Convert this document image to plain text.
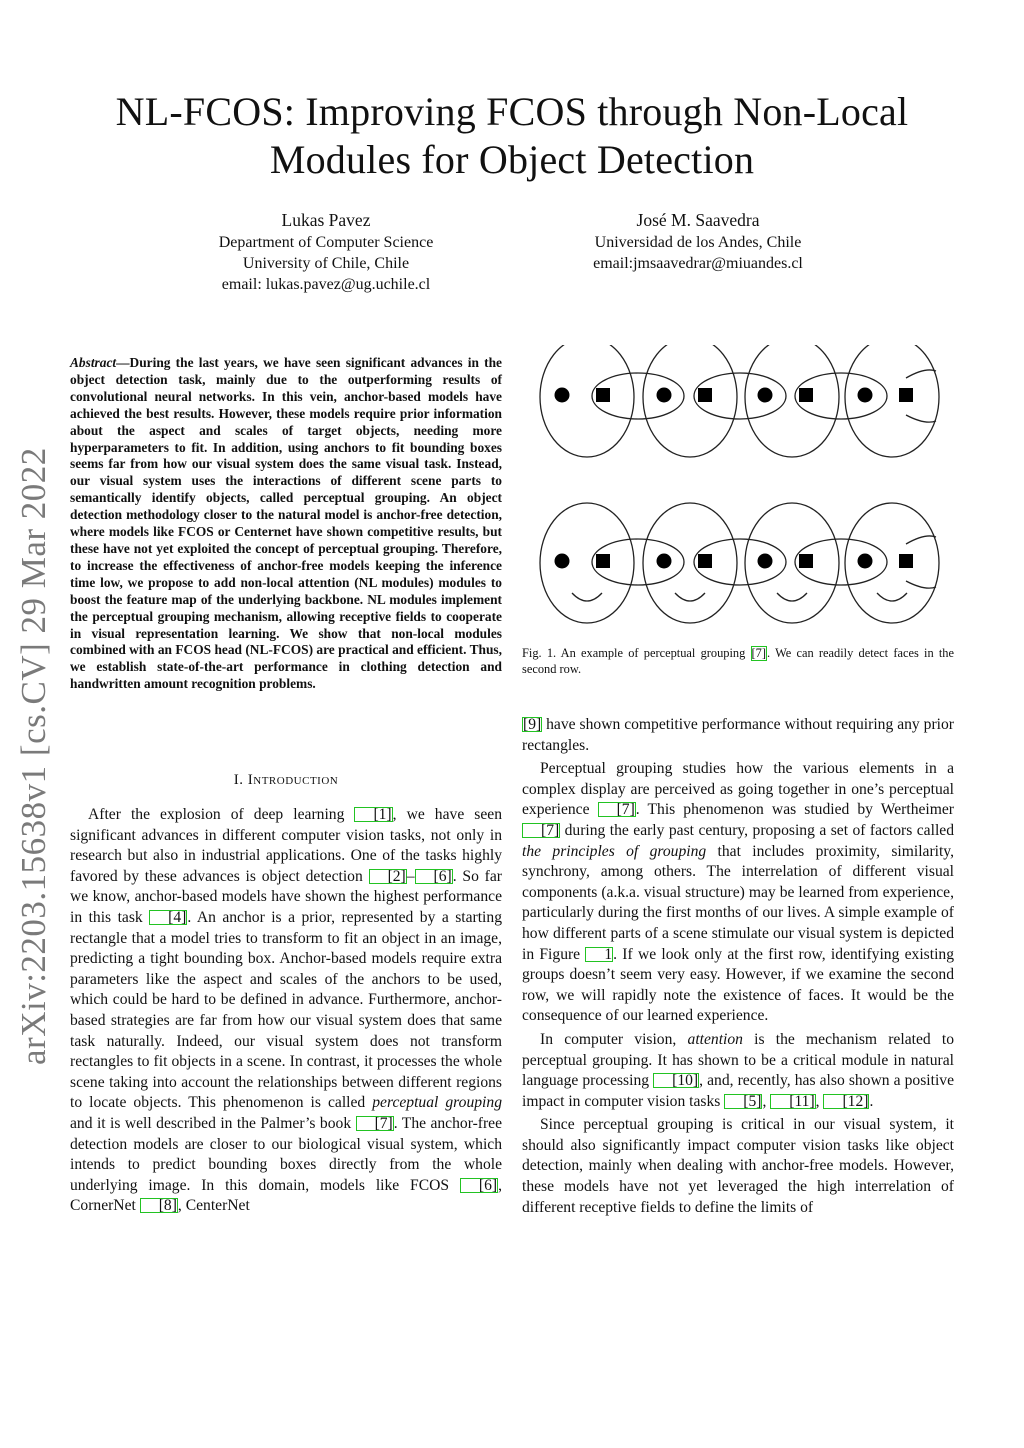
NL-FCOS: Improving FCOS through Non-Local
Modules for Object Detection
Lukas Pavez
Department of Computer Science
University of Chile, Chile
email: lukas.pavez@ug.uchile.cl
José M. Saavedra
Universidad de los Andes, Chile
email:jmsaavedrar@miuandes.cl
arXiv:2203.15638v1 [cs.CV] 29 Mar 2022
Abstract—During the last years, we have seen significant advances in the object detection task, mainly due to the outperforming results of convolutional neural networks. In this vein, anchor-based models have achieved the best results. However, these models require prior information about the aspect and scales of target objects, needing more hyperparameters to fit. In addition, using anchors to fit bounding boxes seems far from how our visual system does the same visual task. Instead, our visual system uses the interactions of different scene parts to semantically identify objects, called perceptual grouping. An object detection methodology closer to the natural model is anchor-free detection, where models like FCOS or Centernet have shown competitive results, but these have not yet exploited the concept of perceptual grouping. Therefore, to increase the effectiveness of anchor-free models keeping the inference time low, we propose to add non-local attention (NL modules) modules to boost the feature map of the underlying backbone. NL modules implement the perceptual grouping mechanism, allowing receptive fields to cooperate in visual representation learning. We show that non-local modules combined with an FCOS head (NL-FCOS) are practical and efficient. Thus, we establish state-of-the-art performance in clothing detection and handwritten amount recognition problems.
I. Introduction

After the explosion of deep learning [1], we have seen significant advances in different computer vision tasks, not only in research but also in industrial applications. One of the tasks highly favored by these advances is object detection [2]– [6]. So far we know, anchor-based models have shown the highest performance in this task [4]. An anchor is a prior, represented by a starting rectangle that a model tries to transform to fit an object in an image, predicting a tight bounding box. Anchor-based models require extra parameters like the aspect and scales of the anchors to be used, which could be hard to be defined in advance. Furthermore, anchor-based strategies are far from how our visual system does that same task naturally. Indeed, our visual system does not transform rectangles to fit objects in a scene. In contrast, it processes the whole scene taking into account the relationships between different regions to locate objects. This phenomenon is called perceptual grouping and it is well described in the Palmer’s book [7]. The anchor-free detection models are closer to our biological visual system, which intends to predict bounding boxes directly from the whole underlying image. In this domain, models like FCOS [6], CornerNet [8], CenterNet

Fig. 1. An example of perceptual grouping [7]. We can readily detect faces in the second row.

[9] have shown competitive performance without requiring any prior rectangles.

Perceptual grouping studies how the various elements in a complex display are perceived as going together in one’s perceptual experience [7]. This phenomenon was studied by Wertheimer [7] during the early past century, proposing a set of factors called the principles of grouping that includes proximity, similarity, synchrony, among others. The interrelation of different visual components (a.k.a. visual structure) may be learned from experience, particularly during the first months of our lives. A simple example of how different parts of a scene stimulate our visual system is depicted in Figure 1. If we look only at the first row, identifying existing groups doesn’t seem very easy. However, if we examine the second row, we will rapidly note the existence of faces. It would be the consequence of our learned experience.

In computer vision, attention is the mechanism related to perceptual grouping. It has shown to be a critical module in natural language processing [10], and, recently, has also shown a positive impact in computer vision tasks [5], [11], [12].

Since perceptual grouping is critical in our visual system, it should also significantly impact computer vision tasks like object detection, mainly when dealing with anchor-free models. However, these models have not yet leveraged the high interrelation of different receptive fields to define the limits of
